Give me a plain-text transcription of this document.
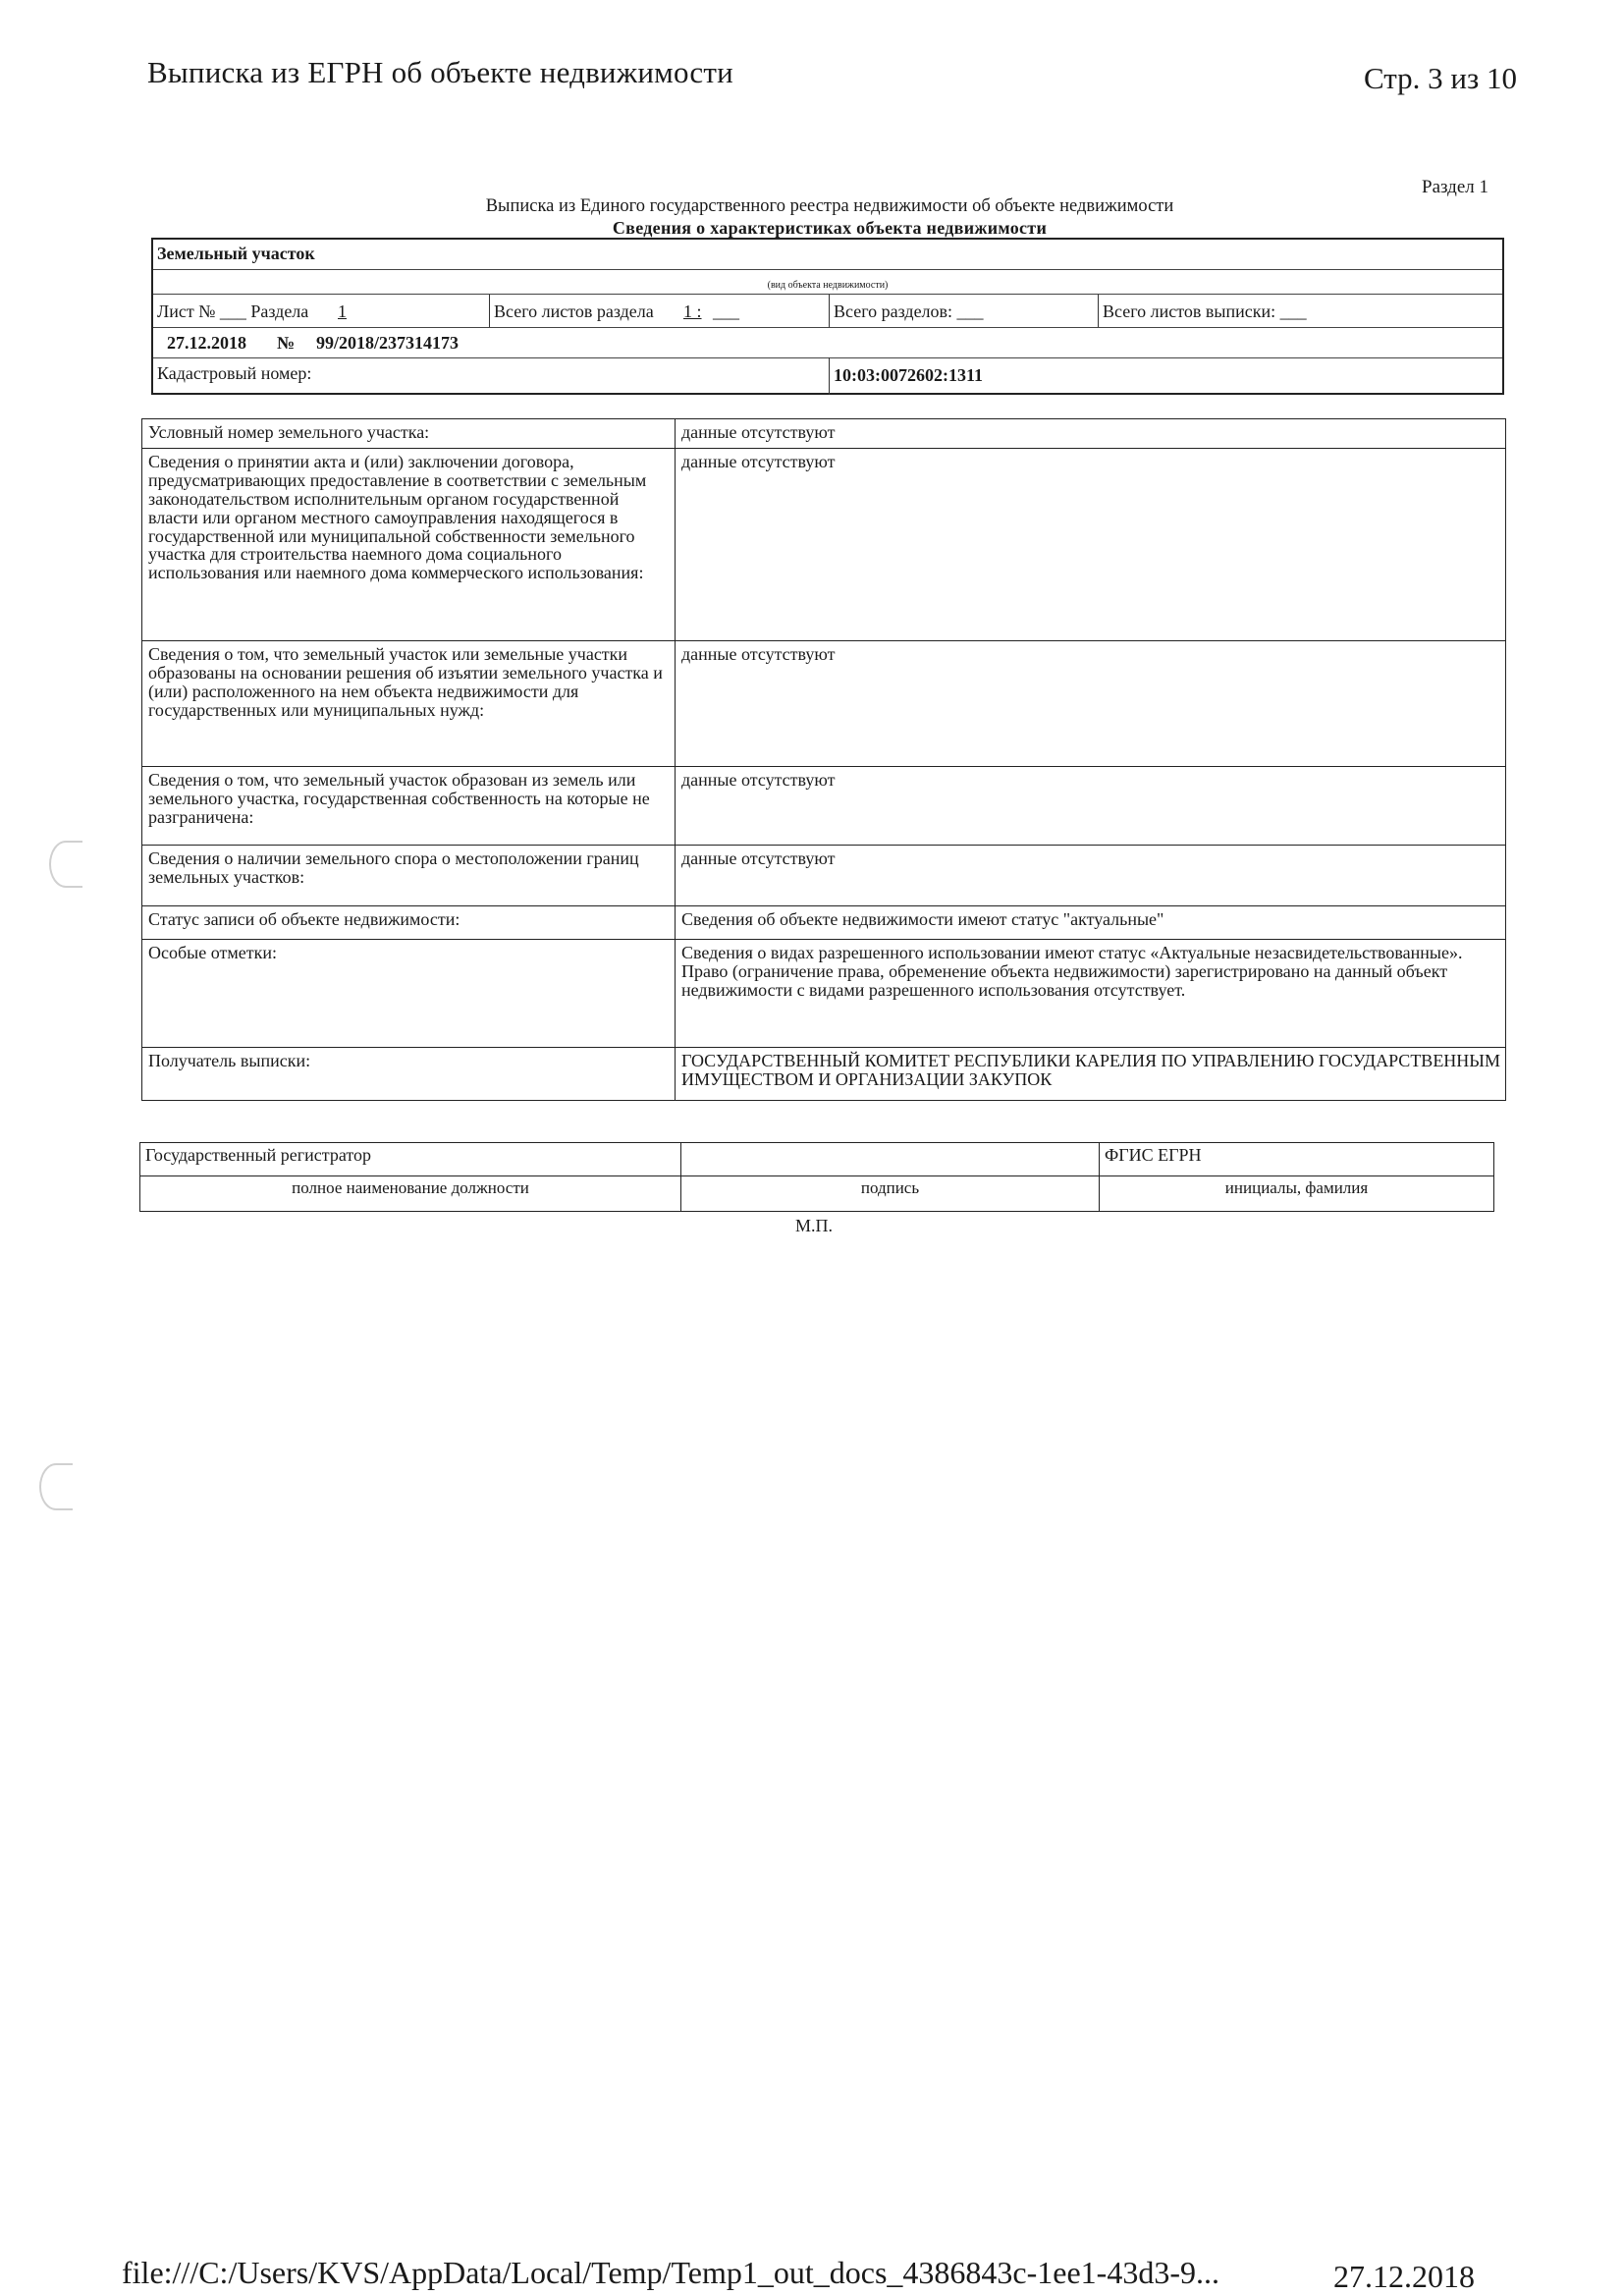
Выписка из ЕГРН об объекте недвижимости	Стр. 3 из 10
Раздел 1
Выписка из Единого государственного реестра недвижимости об объекте недвижимости
Сведения о характеристиках объекта недвижимости
Земельный участок
(вид объекта недвижимости)
Лист № ___ Раздела 1	Всего листов раздела 1 : ___	Всего разделов: ___	Всего листов выписки: ___
27.12.2018 № 99/2018/237314173
Кадастровый номер:	10:03:0072602:1311
Условный номер земельного участка:	данные отсутствуют
Сведения о принятии акта и (или) заключении договора, предусматривающих предоставление в соответствии с земельным законодательством исполнительным органом государственной власти или органом местного самоуправления находящегося в государственной или муниципальной собственности земельного участка для строительства наемного дома социального использования или наемного дома коммерческого использования:	данные отсутствуют
Сведения о том, что земельный участок или земельные участки образованы на основании решения об изъятии земельного участка и (или) расположенного на нем объекта недвижимости для государственных или муниципальных нужд:	данные отсутствуют
Сведения о том, что земельный участок образован из земель или земельного участка, государственная собственность на которые не разграничена:	данные отсутствуют
Сведения о наличии земельного спора о местоположении границ земельных участков:	данные отсутствуют
Статус записи об объекте недвижимости:	Сведения об объекте недвижимости имеют статус "актуальные"
Особые отметки:	Сведения о видах разрешенного использовании имеют статус «Актуальные незасвидетельствованные». Право (ограничение права, обременение объекта недвижимости) зарегистрировано на данный объект недвижимости с видами разрешенного использования отсутствует.
Получатель выписки:	ГОСУДАРСТВЕННЫЙ КОМИТЕТ РЕСПУБЛИКИ КАРЕЛИЯ ПО УПРАВЛЕНИЮ ГОСУДАРСТВЕННЫМ ИМУЩЕСТВОМ И ОРГАНИЗАЦИИ ЗАКУПОК
Государственный регистратор		ФГИС ЕГРН
полное наименование должности	подпись	инициалы, фамилия
М.П.
file:///C:/Users/KVS/AppData/Local/Temp/Temp1_out_docs_4386843c-1ee1-43d3-9...	27.12.2018
